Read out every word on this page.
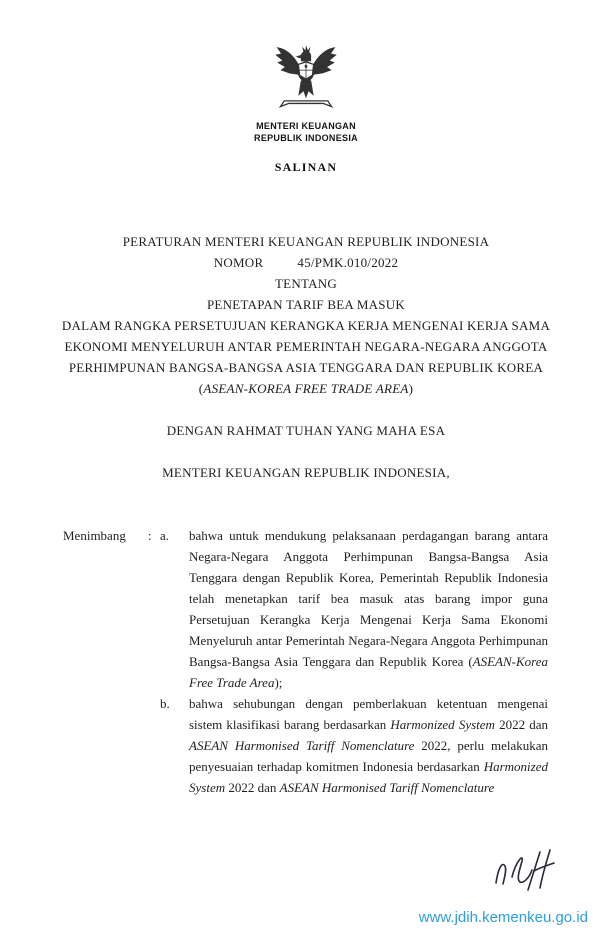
MENTERI KEUANGAN
REPUBLIK INDONESIA
SALINAN
PERATURAN MENTERI KEUANGAN REPUBLIK INDONESIA
NOMOR	45/PMK.010/2022
TENTANG
PENETAPAN TARIF BEA MASUK
DALAM RANGKA PERSETUJUAN KERANGKA KERJA MENGENAI KERJA SAMA
EKONOMI MENYELURUH ANTAR PEMERINTAH NEGARA-NEGARA ANGGOTA
PERHIMPUNAN BANGSA-BANGSA ASIA TENGGARA DAN REPUBLIK KOREA
(ASEAN-KOREA FREE TRADE AREA)
DENGAN RAHMAT TUHAN YANG MAHA ESA
MENTERI KEUANGAN REPUBLIK INDONESIA,
Menimbang	: a.	bahwa untuk mendukung pelaksanaan perdagangan barang antara Negara-Negara Anggota Perhimpunan Bangsa-Bangsa Asia Tenggara dengan Republik Korea, Pemerintah Republik Indonesia telah menetapkan tarif bea masuk atas barang impor guna Persetujuan Kerangka Kerja Mengenai Kerja Sama Ekonomi Menyeluruh antar Pemerintah Negara-Negara Anggota Perhimpunan Bangsa-Bangsa Asia Tenggara dan Republik Korea (ASEAN-Korea Free Trade Area);
b.	bahwa sehubungan dengan pemberlakuan ketentuan mengenai sistem klasifikasi barang berdasarkan Harmonized System 2022 dan ASEAN Harmonised Tariff Nomenclature 2022, perlu melakukan penyesuaian terhadap komitmen Indonesia berdasarkan Harmonized System 2022 dan ASEAN Harmonised Tariff Nomenclature
www.jdih.kemenkeu.go.id
